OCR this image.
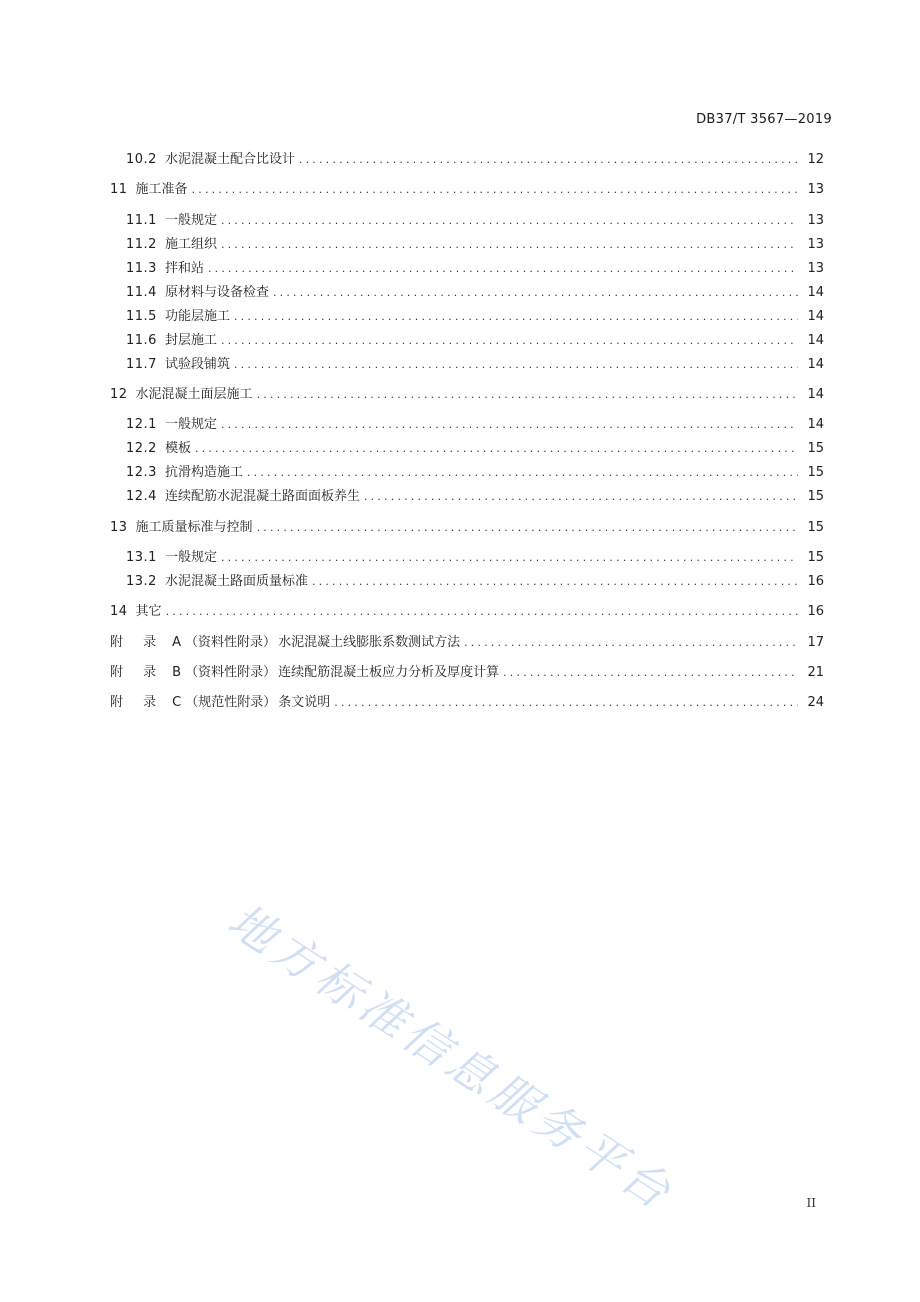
DB37/T 3567—2019
10.2 水泥混凝土配合比设计 .....	12
11 施工准备 .....	13
11.1 一般规定 .....	13
11.2 施工组织 .....	13
11.3 拌和站 .....	13
11.4 原材料与设备检查 .....	14
11.5 功能层施工 .....	14
11.6 封层施工 .....	14
11.7 试验段铺筑 .....	14
12 水泥混凝土面层施工 .....	14
12.1 一般规定 .....	14
12.2 模板 .....	15
12.3 抗滑构造施工 .....	15
12.4 连续配筋水泥混凝土路面面板养生 .....	15
13 施工质量标准与控制 .....	15
13.1 一般规定 .....	15
13.2 水泥混凝土路面质量标准 .....	16
14 其它 .....	16
附 录 A （资料性附录） 水泥混凝土线膨胀系数测试方法 .....	17
附 录 B （资料性附录） 连续配筋混凝土板应力分析及厚度计算 .....	21
附 录 C （规范性附录） 条文说明 .....	24
II
地方标准信息服务平台
